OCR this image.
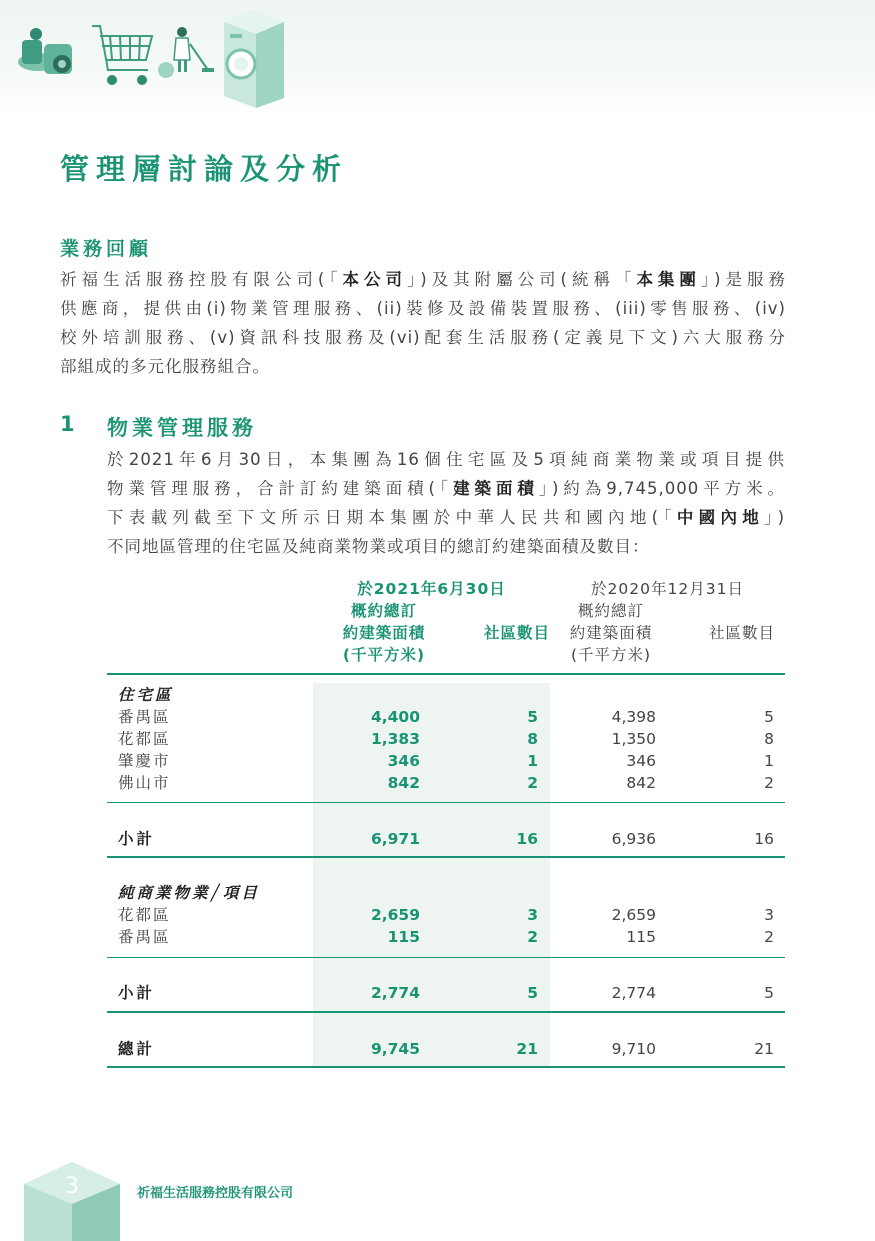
管理層討論及分析
業務回顧
祈福生活服務控股有限公司(「本公司」)及其附屬公司(統稱「本集團」)是服務
供應商，提供由(i)物業管理服務、(ii)裝修及設備裝置服務、(iii)零售服務、(iv)
校外培訓服務、(v)資訊科技服務及(vi)配套生活服務(定義見下文)六大服務分
部組成的多元化服務組合。
1 物業管理服務
於2021年6月30日，本集團為16個住宅區及5項純商業物業或項目提供
物業管理服務，合計訂約建築面積(「建築面積」)約為9,745,000平方米。
下表載列截至下文所示日期本集團於中華人民共和國內地(「中國內地」)
不同地區管理的住宅區及純商業物業或項目的總訂約建築面積及數目：
於2021年6月30日	於2020年12月31日
概約總訂
約建築面積
(千平方米)
社區數目
概約總訂
約建築面積
(千平方米)
社區數目
住宅區
番禺區	4,400	5	4,398	5
花都區	1,383	8	1,350	8
肇慶市	346	1	346	1
佛山市	842	2	842	2
小計	6,971	16	6,936	16
純商業物業╱項目
花都區	2,659	3	2,659	3
番禺區	115	2	115	2
小計	2,774	5	2,774	5
總計	9,745	21	9,710	21
3	祈福生活服務控股有限公司
